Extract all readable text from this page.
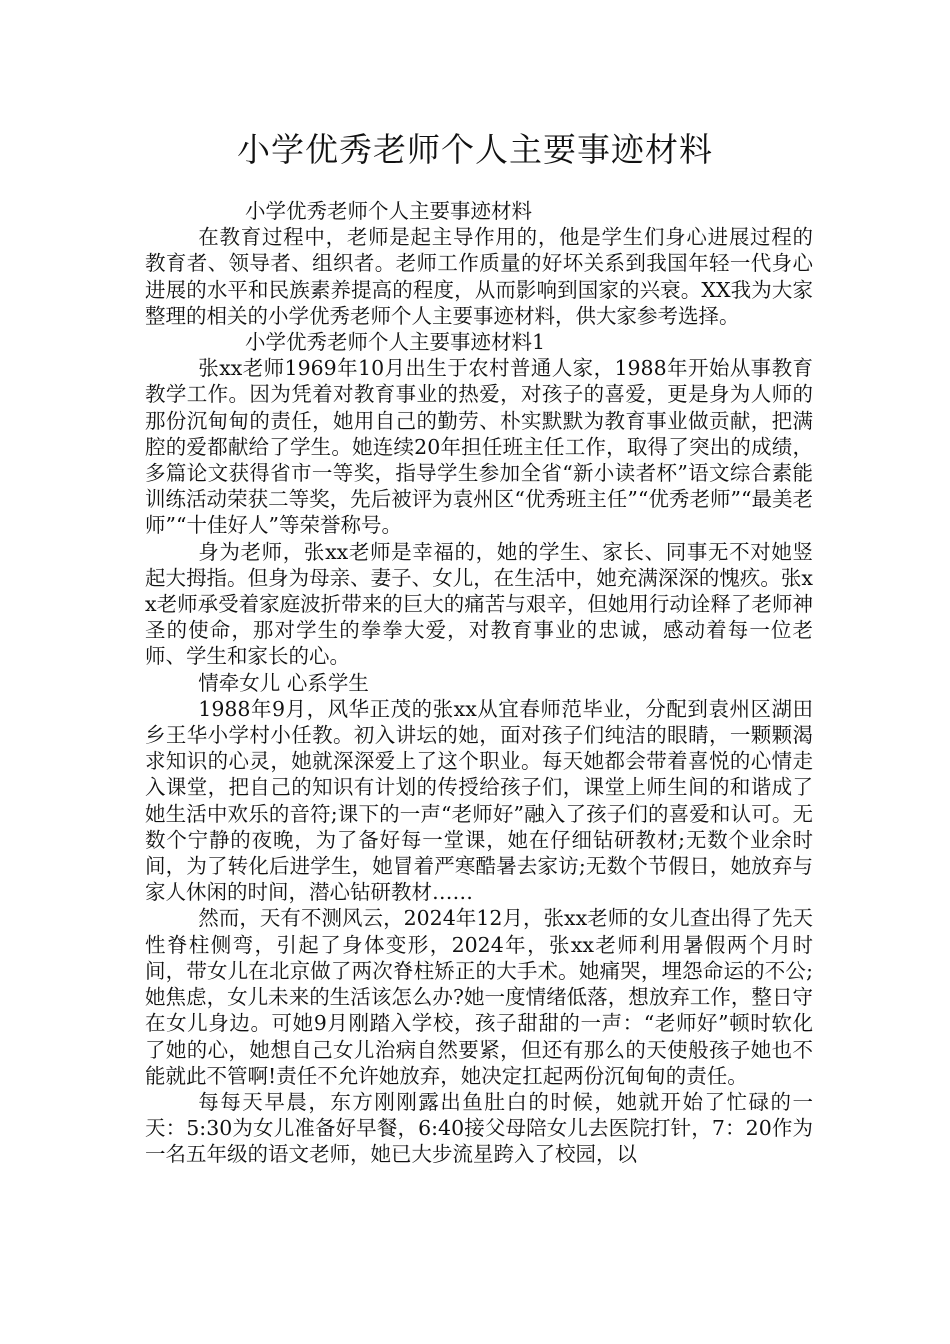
小学优秀老师个人主要事迹材料

小学优秀老师个人主要事迹材料

在教育过程中，老师是起主导作用的，他是学生们身心进展过程的教育者、领导者、组织者。老师工作质量的好坏关系到我国年轻一代身心进展的水平和民族素养提高的程度，从而影响到国家的兴衰。XX我为大家整理的相关的小学优秀老师个人主要事迹材料，供大家参考选择。

小学优秀老师个人主要事迹材料1

张xx老师1969年10月出生于农村普通人家，1988年开始从事教育教学工作。因为凭着对教育事业的热爱，对孩子的喜爱，更是身为人师的那份沉甸甸的责任，她用自己的勤劳、朴实默默为教育事业做贡献，把满腔的爱都献给了学生。她连续20年担任班主任工作，取得了突出的成绩，多篇论文获得省市一等奖，指导学生参加全省“新小读者杯”语文综合素能训练活动荣获二等奖，先后被评为袁州区“优秀班主任”“优秀老师”“最美老师”“十佳好人”等荣誉称号。

身为老师，张xx老师是幸福的，她的学生、家长、同事无不对她竖起大拇指。但身为母亲、妻子、女儿，在生活中，她充满深深的愧疚。张xx老师承受着家庭波折带来的巨大的痛苦与艰辛，但她用行动诠释了老师神圣的使命，那对学生的拳拳大爱，对教育事业的忠诚，感动着每一位老师、学生和家长的心。

情牵女儿 心系学生

1988年9月，风华正茂的张xx从宜春师范毕业，分配到袁州区湖田乡王华小学村小任教。初入讲坛的她，面对孩子们纯洁的眼睛，一颗颗渴求知识的心灵，她就深深爱上了这个职业。每天她都会带着喜悦的心情走入课堂，把自己的知识有计划的传授给孩子们，课堂上师生间的和谐成了她生活中欢乐的音符;课下的一声“老师好”融入了孩子们的喜爱和认可。无数个宁静的夜晚，为了备好每一堂课，她在仔细钻研教材;无数个业余时间，为了转化后进学生，她冒着严寒酷暑去家访;无数个节假日，她放弃与家人休闲的时间，潜心钻研教材……

然而，天有不测风云，2024年12月，张xx老师的女儿查出得了先天性脊柱侧弯，引起了身体变形，2024年，张xx老师利用暑假两个月时间，带女儿在北京做了两次脊柱矫正的大手术。她痛哭，埋怨命运的不公;她焦虑，女儿未来的生活该怎么办?她一度情绪低落，想放弃工作，整日守在女儿身边。可她9月刚踏入学校，孩子甜甜的一声：“老师好”顿时软化了她的心，她想自己女儿治病自然要紧，但还有那么的天使般孩子她也不能就此不管啊!责任不允许她放弃，她决定扛起两份沉甸甸的责任。

每每天早晨，东方刚刚露出鱼肚白的时候，她就开始了忙碌的一天：5:30为女儿准备好早餐，6:40接父母陪女儿去医院打针，7：20作为一名五年级的语文老师，她已大步流星跨入了校园，以
